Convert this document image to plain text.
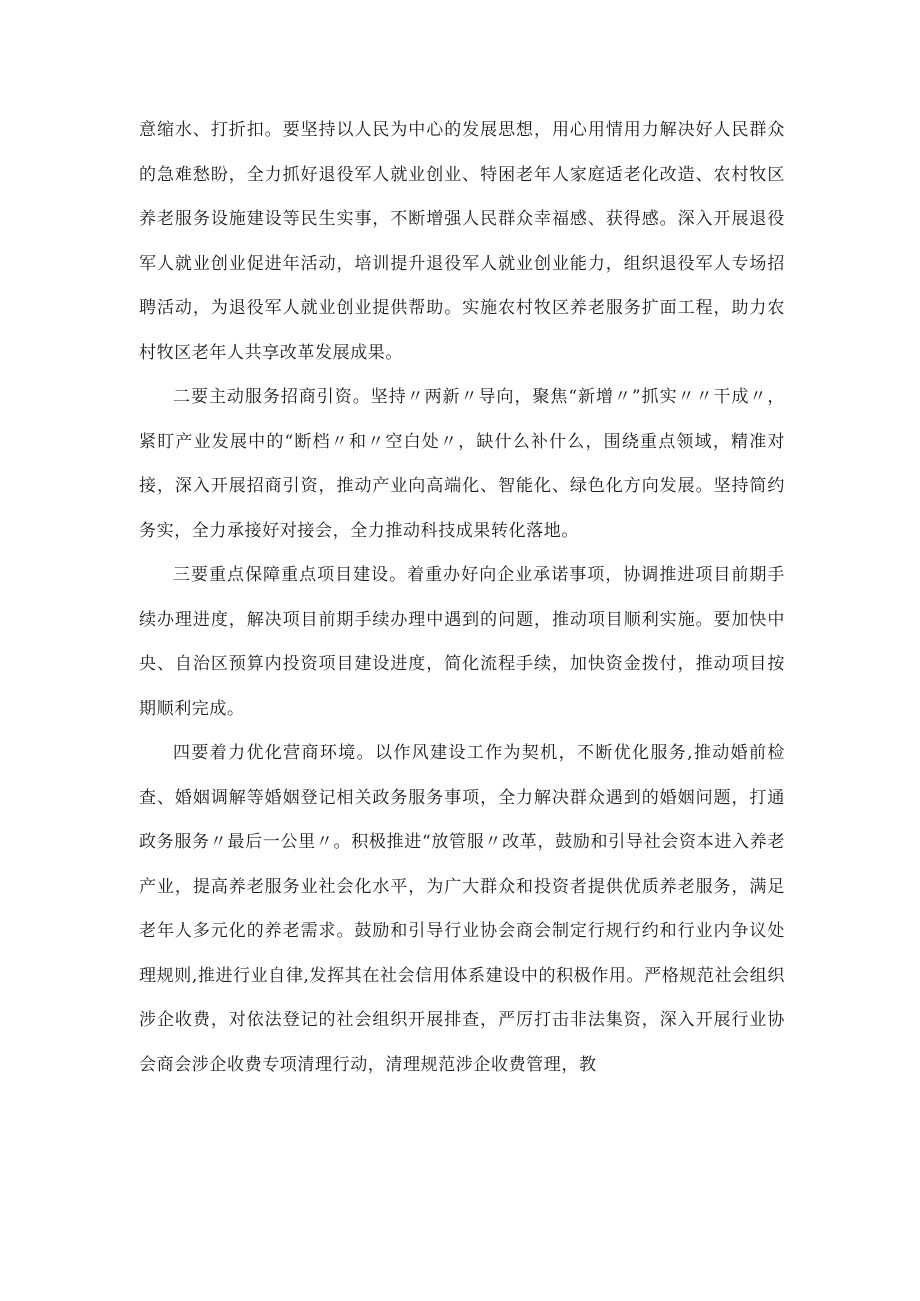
意缩水、打折扣。要坚持以人民为中心的发展思想，用心用情用力解决好人民群众的急难愁盼，全力抓好退役军人就业创业、特困老年人家庭适老化改造、农村牧区养老服务设施建设等民生实事，不断增强人民群众幸福感、获得感。深入开展退役军人就业创业促进年活动，培训提升退役军人就业创业能力，组织退役军人专场招聘活动，为退役军人就业创业提供帮助。实施农村牧区养老服务扩面工程，助力农村牧区老年人共享改革发展成果。

二要主动服务招商引资。坚持〃两新〃导向，聚焦“新增〃”抓实〃〃干成〃，紧盯产业发展中的“断档〃和〃空白处〃，缺什么补什么，围绕重点领域，精准对接，深入开展招商引资，推动产业向高端化、智能化、绿色化方向发展。坚持简约务实，全力承接好对接会，全力推动科技成果转化落地。

三要重点保障重点项目建设。着重办好向企业承诺事项，协调推进项目前期手续办理进度，解决项目前期手续办理中遇到的问题，推动项目顺利实施。要加快中央、自治区预算内投资项目建设进度，简化流程手续，加快资金拨付，推动项目按期顺利完成。

四要着力优化营商环境。以作风建设工作为契机，不断优化服务,推动婚前检查、婚姻调解等婚姻登记相关政务服务事项，全力解决群众遇到的婚姻问题，打通政务服务〃最后一公里〃。积极推进“放管服〃改革，鼓励和引导社会资本进入养老产业，提高养老服务业社会化水平，为广大群众和投资者提供优质养老服务，满足老年人多元化的养老需求。鼓励和引导行业协会商会制定行规行约和行业内争议处理规则,推进行业自律,发挥其在社会信用体系建设中的积极作用。严格规范社会组织涉企收费，对依法登记的社会组织开展排查，严厉打击非法集资，深入开展行业协会商会涉企收费专项清理行动，清理规范涉企收费管理，教
